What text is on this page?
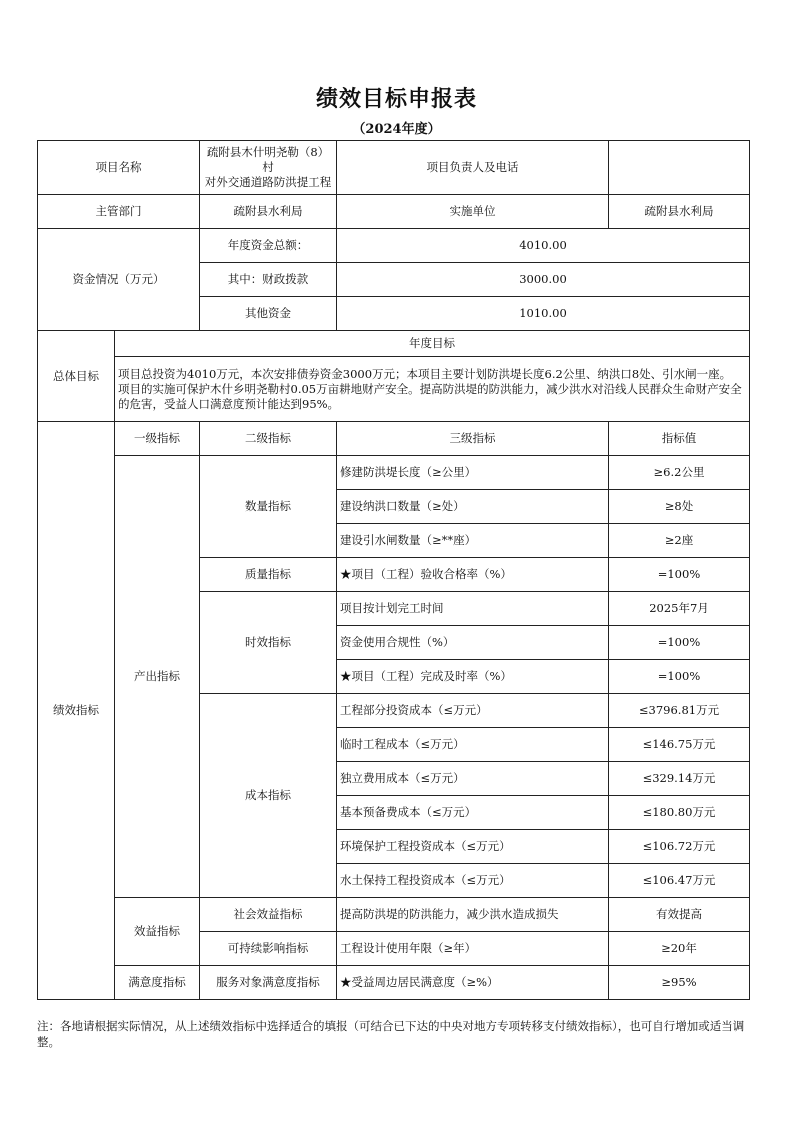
绩效目标申报表
（2024年度）
项目名称		疏附县木什明尧勒（8）村
对外交通道路防洪提工程	项目负责人及电话	
主管部门		疏附县水利局	实施单位	疏附县水利局
资金情况（万元）		年度资金总额：	4010.00	
		其中：财政拨款	3000.00	
		其他资金	1010.00	
总体目标	年度目标			
	项目总投资为4010万元，本次安排债券资金3000万元；本项目主要计划防洪堤长度6.2公里、纳洪口8处、引水闸一座。 项目的实施可保护木什乡明尧勒村0.05万亩耕地财产安全。提高防洪堤的防洪能力，减少洪水对沿线人民群众生命财产安全的危害，受益人口满意度预计能达到95%。			
绩效指标	一级指标	二级指标	三级指标	指标值
	产出指标	数量指标	修建防洪堤长度（≥公里）	≥6.2公里
			建设纳洪口数量（≥处）	≥8处
			建设引水闸数量（≥**座）	≥2座
		质量指标	★项目（工程）验收合格率（%）	=100%
		时效指标	项目按计划完工时间	2025年7月
			资金使用合规性（%）	=100%
			★项目（工程）完成及时率（%）	=100%
		成本指标	工程部分投资成本（≤万元）	≤3796.81万元
			临时工程成本（≤万元）	≤146.75万元
			独立费用成本（≤万元）	≤329.14万元
			基本预备费成本（≤万元）	≤180.80万元
			环境保护工程投资成本（≤万元）	≤106.72万元
			水土保持工程投资成本（≤万元）	≤106.47万元
	效益指标	社会效益指标	提高防洪堤的防洪能力，减少洪水造成损失	有效提高
		可持续影响指标	工程设计使用年限（≥年）	≥20年
	满意度指标	服务对象满意度指标	★受益周边居民满意度（≥%）	≥95%
注：各地请根据实际情况，从上述绩效指标中选择适合的填报（可结合已下达的中央对地方专项转移支付绩效指标），也可自行增加或适当调整。
